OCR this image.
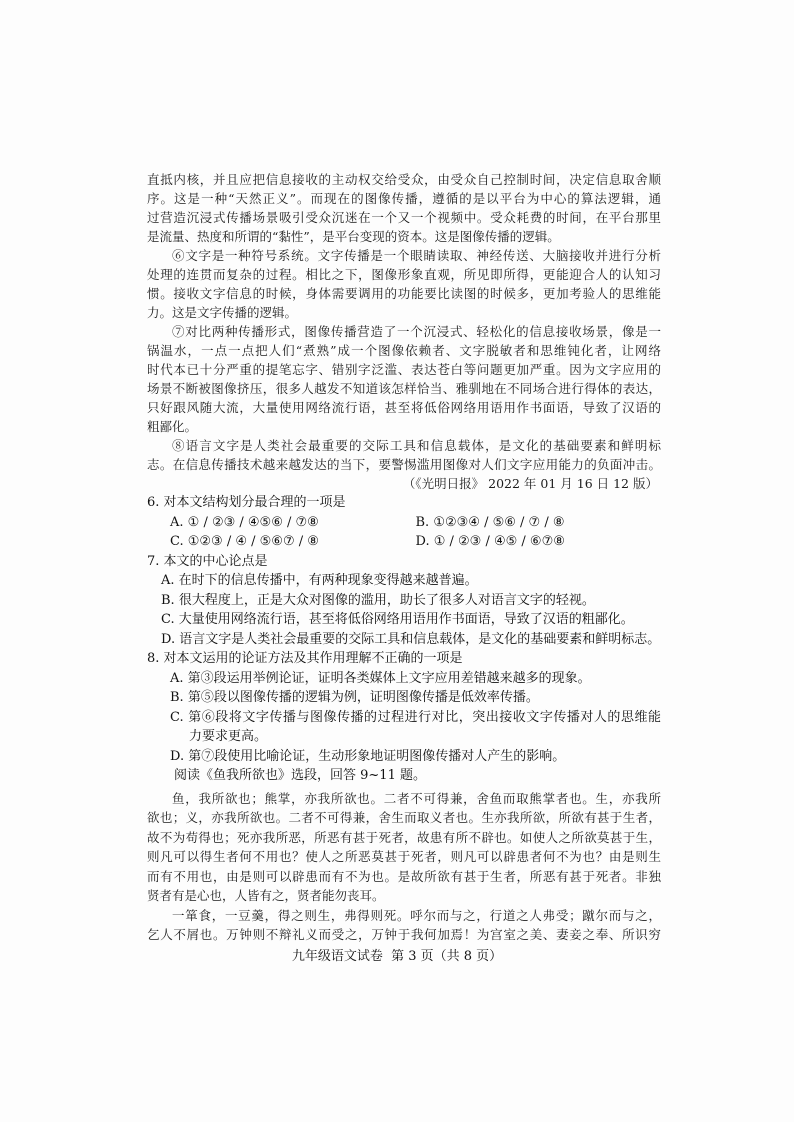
直抵内核，并且应把信息接收的主动权交给受众，由受众自己控制时间，决定信息取舍顺
序。这是一种“天然正义”。而现在的图像传播，遵循的是以平台为中心的算法逻辑，通
过营造沉浸式传播场景吸引受众沉迷在一个又一个视频中。受众耗费的时间，在平台那里
是流量、热度和所谓的“黏性”，是平台变现的资本。这是图像传播的逻辑。
⑥文字是一种符号系统。文字传播是一个眼睛读取、神经传送、大脑接收并进行分析
处理的连贯而复杂的过程。相比之下，图像形象直观，所见即所得，更能迎合人的认知习
惯。接收文字信息的时候，身体需要调用的功能要比读图的时候多，更加考验人的思维能
力。这是文字传播的逻辑。
⑦对比两种传播形式，图像传播营造了一个沉浸式、轻松化的信息接收场景，像是一
锅温水，一点一点把人们“煮熟”成一个图像依赖者、文字脱敏者和思维钝化者，让网络
时代本已十分严重的提笔忘字、错别字泛滥、表达苍白等问题更加严重。因为文字应用的
场景不断被图像挤压，很多人越发不知道该怎样恰当、雅驯地在不同场合进行得体的表达，
只好跟风随大流，大量使用网络流行语，甚至将低俗网络用语用作书面语，导致了汉语的
粗鄙化。
⑧语言文字是人类社会最重要的交际工具和信息载体，是文化的基础要素和鲜明标
志。在信息传播技术越来越发达的当下，要警惕滥用图像对人们文字应用能力的负面冲击。
（《光明日报》 2022 年 01 月 16 日 12 版）
6. 对本文结构划分最合理的一项是
A. ① / ②③ / ④⑤⑥ / ⑦⑧	B. ①②③④ / ⑤⑥ / ⑦ / ⑧
C. ①②③ / ④ / ⑤⑥⑦ / ⑧	D. ① / ②③ / ④⑤ / ⑥⑦⑧
7. 本文的中心论点是
A. 在时下的信息传播中，有两种现象变得越来越普遍。
B. 很大程度上，正是大众对图像的滥用，助长了很多人对语言文字的轻视。
C. 大量使用网络流行语，甚至将低俗网络用语用作书面语，导致了汉语的粗鄙化。
D. 语言文字是人类社会最重要的交际工具和信息载体，是文化的基础要素和鲜明标志。
8. 对本文运用的论证方法及其作用理解不正确的一项是
A. 第③段运用举例论证，证明各类媒体上文字应用差错越来越多的现象。
B. 第⑤段以图像传播的逻辑为例，证明图像传播是低效率传播。
C. 第⑥段将文字传播与图像传播的过程进行对比，突出接收文字传播对人的思维能
力要求更高。
D. 第⑦段使用比喻论证，生动形象地证明图像传播对人产生的影响。
阅读《鱼我所欲也》选段，回答 9~11 题。
鱼，我所欲也；熊掌，亦我所欲也。二者不可得兼，舍鱼而取熊掌者也。生，亦我所
欲也；义，亦我所欲也。二者不可得兼，舍生而取义者也。生亦我所欲，所欲有甚于生者，
故不为苟得也；死亦我所恶，所恶有甚于死者，故患有所不辟也。如使人之所欲莫甚于生，
则凡可以得生者何不用也？使人之所恶莫甚于死者，则凡可以辟患者何不为也？由是则生
而有不用也，由是则可以辟患而有不为也。是故所欲有甚于生者，所恶有甚于死者。非独
贤者有是心也，人皆有之，贤者能勿丧耳。
一箪食，一豆羹，得之则生，弗得则死。呼尔而与之，行道之人弗受；蹴尔而与之，
乞人不屑也。万钟则不辩礼义而受之，万钟于我何加焉！为宫室之美、妻妾之奉、所识穷
九年级语文试卷  第 3 页（共 8 页）
